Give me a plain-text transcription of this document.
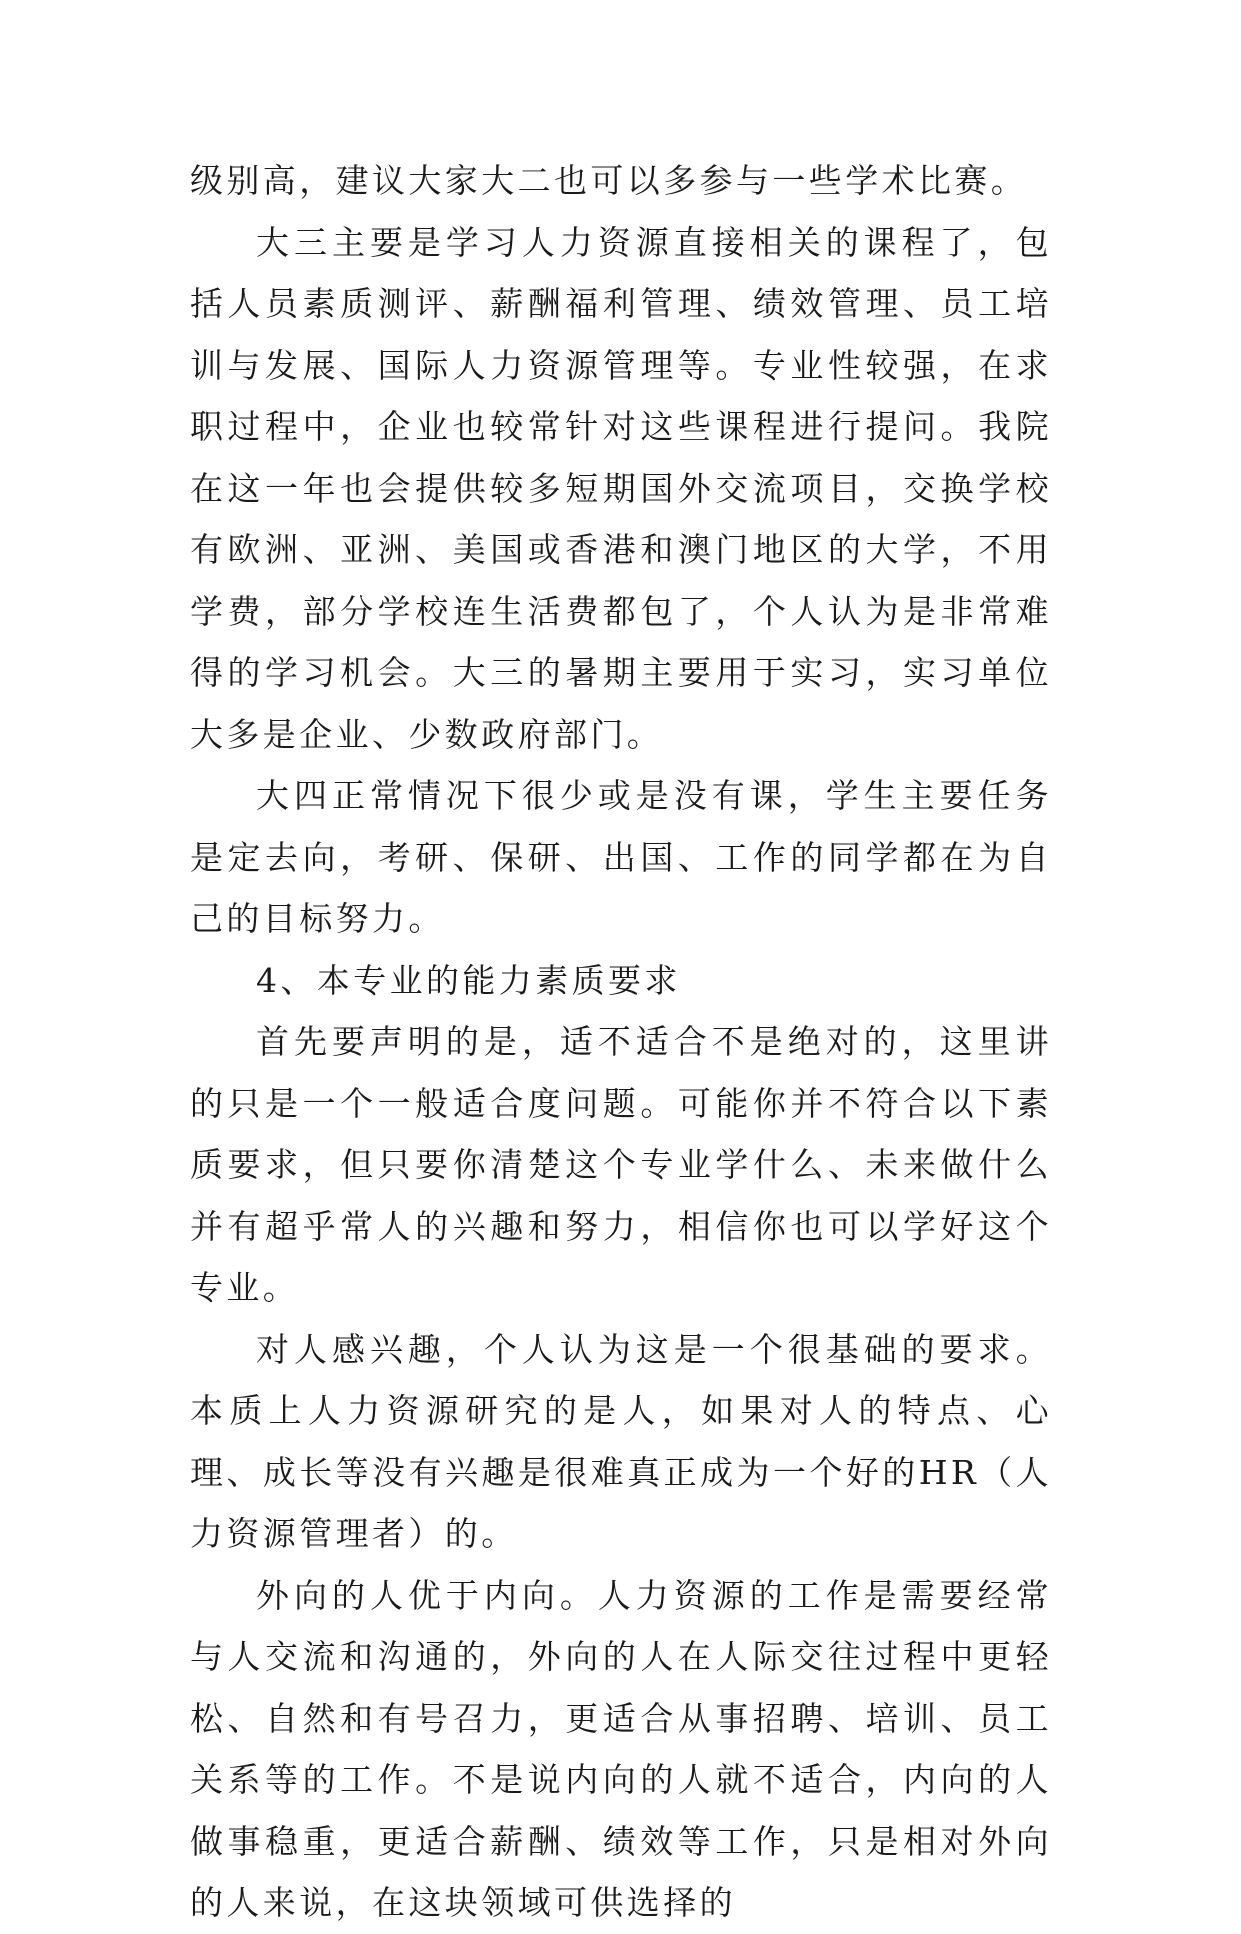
级别高，建议大家大二也可以多参与一些学术比赛。

大三主要是学习人力资源直接相关的课程了，包括人员素质测评、薪酬福利管理、绩效管理、员工培训与发展、国际人力资源管理等。专业性较强，在求职过程中，企业也较常针对这些课程进行提问。我院在这一年也会提供较多短期国外交流项目，交换学校有欧洲、亚洲、美国或香港和澳门地区的大学，不用学费，部分学校连生活费都包了，个人认为是非常难得的学习机会。大三的暑期主要用于实习，实习单位大多是企业、少数政府部门。

大四正常情况下很少或是没有课，学生主要任务是定去向，考研、保研、出国、工作的同学都在为自己的目标努力。

4、本专业的能力素质要求

首先要声明的是，适不适合不是绝对的，这里讲的只是一个一般适合度问题。可能你并不符合以下素质要求，但只要你清楚这个专业学什么、未来做什么并有超乎常人的兴趣和努力，相信你也可以学好这个专业。

对人感兴趣，个人认为这是一个很基础的要求。本质上人力资源研究的是人，如果对人的特点、心理、成长等没有兴趣是很难真正成为一个好的HR（人力资源管理者）的。

外向的人优于内向。人力资源的工作是需要经常与人交流和沟通的，外向的人在人际交往过程中更轻松、自然和有号召力，更适合从事招聘、培训、员工关系等的工作。不是说内向的人就不适合，内向的人做事稳重，更适合薪酬、绩效等工作，只是相对外向的人来说，在这块领域可供选择的
